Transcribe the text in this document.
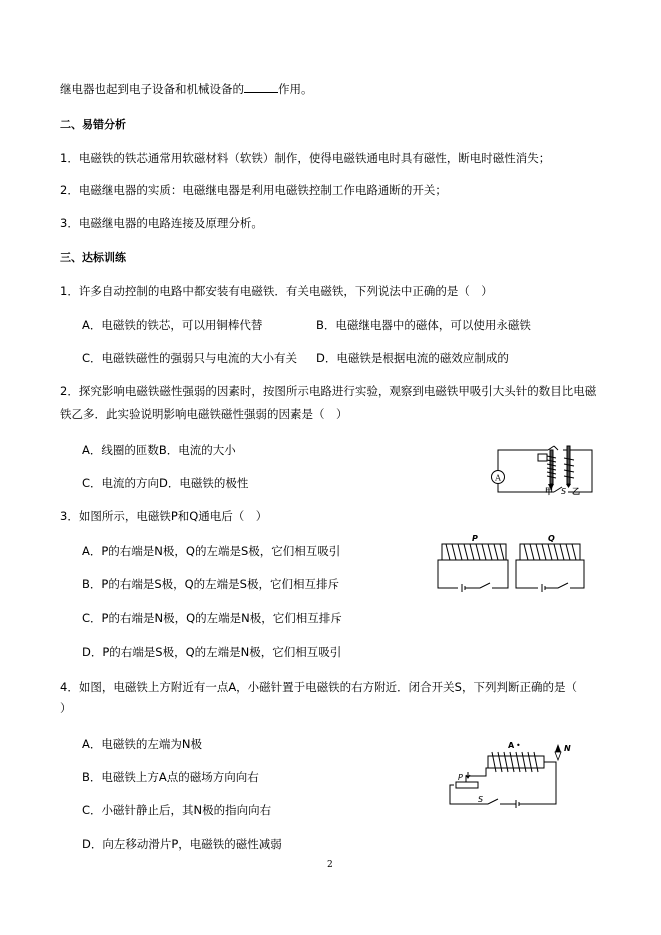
继电器也起到电子设备和机械设备的	作用。
二、易错分析
1．电磁铁的铁芯通常用软磁材料（软铁）制作，使得电磁铁通电时具有磁性，断电时磁性消失；
2．电磁继电器的实质：电磁继电器是利用电磁铁控制工作电路通断的开关；
3．电磁继电器的电路连接及原理分析。
三、达标训练
1．许多自动控制的电路中都安装有电磁铁．有关电磁铁，下列说法中正确的是（　）
A．电磁铁的铁芯，可以用铜棒代替	B．电磁继电器中的磁体，可以使用永磁铁
C．电磁铁磁性的强弱只与电流的大小有关 D．电磁铁是根据电流的磁效应制成的
2．探究影响电磁铁磁性强弱的因素时，按图所示电路进行实验，观察到电磁铁甲吸引大头针的数目比电磁
铁乙多．此实验说明影响电磁铁磁性强弱的因素是（　）
A．线圈的匝数B．电流的大小
C．电流的方向D．电磁铁的极性	A
甲 乙
S
3．如图所示，电磁铁P和Q通电后（　）
A．P的右端是N极，Q的左端是S极，它们相互吸引
B．P的右端是S极，Q的左端是S极，它们相互排斥
C．P的右端是N极，Q的左端是N极，它们相互排斥
D．P的右端是S极，Q的左端是N极，它们相互吸引
P	Q
4．如图，电磁铁上方附近有一点A，小磁针置于电磁铁的右方附近．闭合开关S，下列判断正确的是（
）
A．电磁铁的左端为N极
B．电磁铁上方A点的磁场方向向右
C．小磁针静止后，其N极的指向向右
D．向左移动滑片P，电磁铁的磁性减弱
N
A •
P
S
2
